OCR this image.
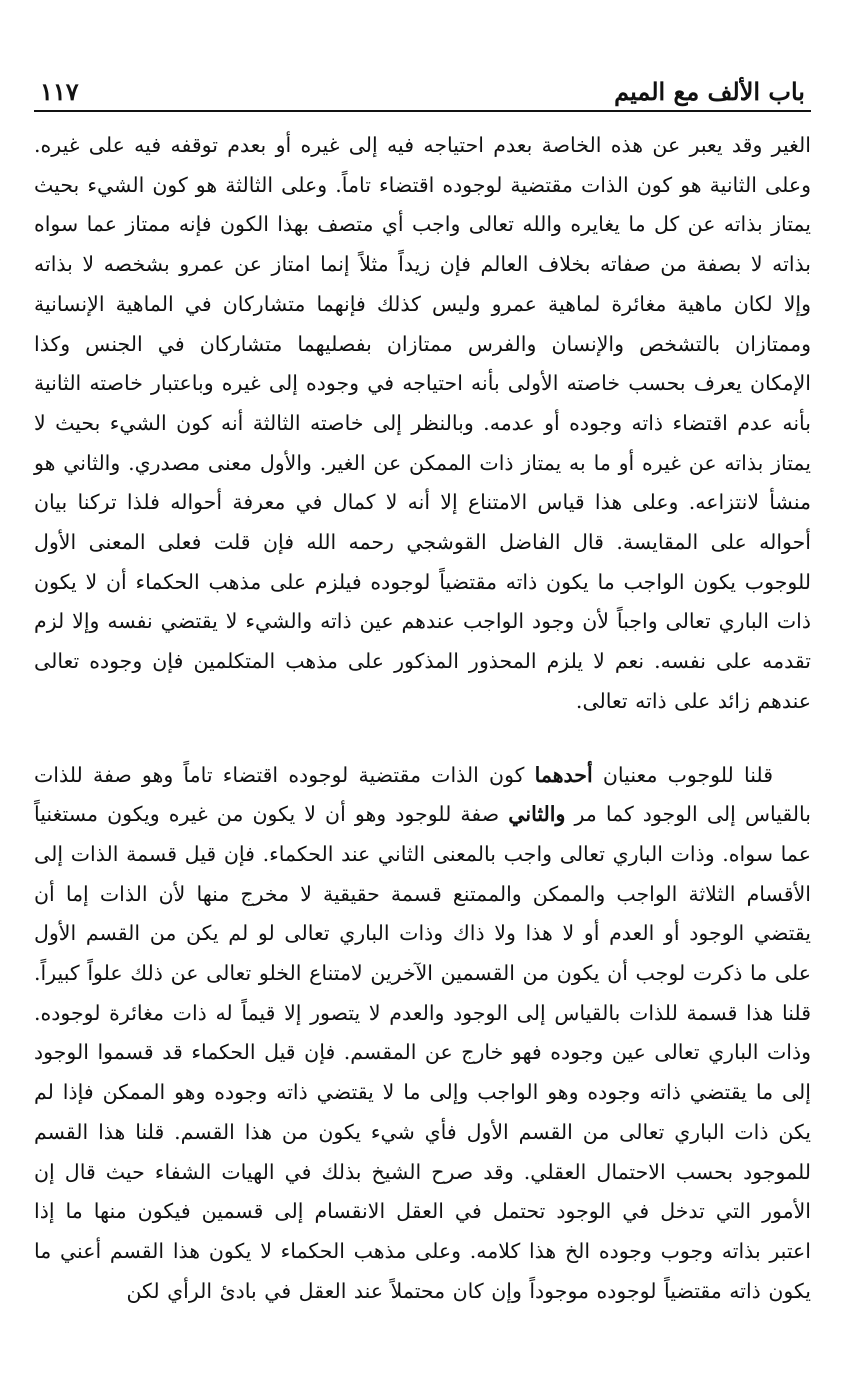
باب الألف مع الميم
١١٧

الغير وقد يعبر عن هذه الخاصة بعدم احتياجه فيه إلى غيره أو بعدم توقفه فيه على غيره. وعلى الثانية هو كون الذات مقتضية لوجوده اقتضاء تاماً. وعلى الثالثة هو كون الشيء بحيث يمتاز بذاته عن كل ما يغايره والله تعالى واجب أي متصف بهذا الكون فإنه ممتاز عما سواه بذاته لا بصفة من صفاته بخلاف العالم فإن زيداً مثلاً إنما امتاز عن عمرو بشخصه لا بذاته وإلا لكان ماهية مغائرة لماهية عمرو وليس كذلك فإنهما متشاركان في الماهية الإنسانية وممتازان بالتشخص والإنسان والفرس ممتازان بفصليهما متشاركان في الجنس وكذا الإمكان يعرف بحسب خاصته الأولى بأنه احتياجه في وجوده إلى غيره وباعتبار خاصته الثانية بأنه عدم اقتضاء ذاته وجوده أو عدمه. وبالنظر إلى خاصته الثالثة أنه كون الشيء بحيث لا يمتاز بذاته عن غيره أو ما به يمتاز ذات الممكن عن الغير. والأول معنى مصدري. والثاني هو منشأ لانتزاعه. وعلى هذا قياس الامتناع إلا أنه لا كمال في معرفة أحواله فلذا تركنا بيان أحواله على المقايسة. قال الفاضل القوشجي رحمه الله فإن قلت فعلى المعنى الأول للوجوب يكون الواجب ما يكون ذاته مقتضياً لوجوده فيلزم على مذهب الحكماء أن لا يكون ذات الباري تعالى واجباً لأن وجود الواجب عندهم عين ذاته والشيء لا يقتضي نفسه وإلا لزم تقدمه على نفسه. نعم لا يلزم المحذور المذكور على مذهب المتكلمين فإن وجوده تعالى عندهم زائد على ذاته تعالى.

قلنا للوجوب معنيان أحدهما كون الذات مقتضية لوجوده اقتضاء تاماً وهو صفة للذات بالقياس إلى الوجود كما مر والثاني صفة للوجود وهو أن لا يكون من غيره ويكون مستغنياً عما سواه. وذات الباري تعالى واجب بالمعنى الثاني عند الحكماء. فإن قيل قسمة الذات إلى الأقسام الثلاثة الواجب والممكن والممتنع قسمة حقيقية لا مخرج منها لأن الذات إما أن يقتضي الوجود أو العدم أو لا هذا ولا ذاك وذات الباري تعالى لو لم يكن من القسم الأول على ما ذكرت لوجب أن يكون من القسمين الآخرين لامتناع الخلو تعالى عن ذلك علواً كبيراً. قلنا هذا قسمة للذات بالقياس إلى الوجود والعدم لا يتصور إلا قيماً له ذات مغائرة لوجوده. وذات الباري تعالى عين وجوده فهو خارج عن المقسم. فإن قيل الحكماء قد قسموا الوجود إلى ما يقتضي ذاته وجوده وهو الواجب وإلى ما لا يقتضي ذاته وجوده وهو الممكن فإذا لم يكن ذات الباري تعالى من القسم الأول فأي شيء يكون من هذا القسم. قلنا هذا القسم للموجود بحسب الاحتمال العقلي. وقد صرح الشيخ بذلك في الهيات الشفاء حيث قال إن الأمور التي تدخل في الوجود تحتمل في العقل الانقسام إلى قسمين فيكون منها ما إذا اعتبر بذاته وجوب وجوده الخ هذا كلامه. وعلى مذهب الحكماء لا يكون هذا القسم أعني ما يكون ذاته مقتضياً لوجوده موجوداً وإن كان محتملاً عند العقل في بادئ الرأي لكن
